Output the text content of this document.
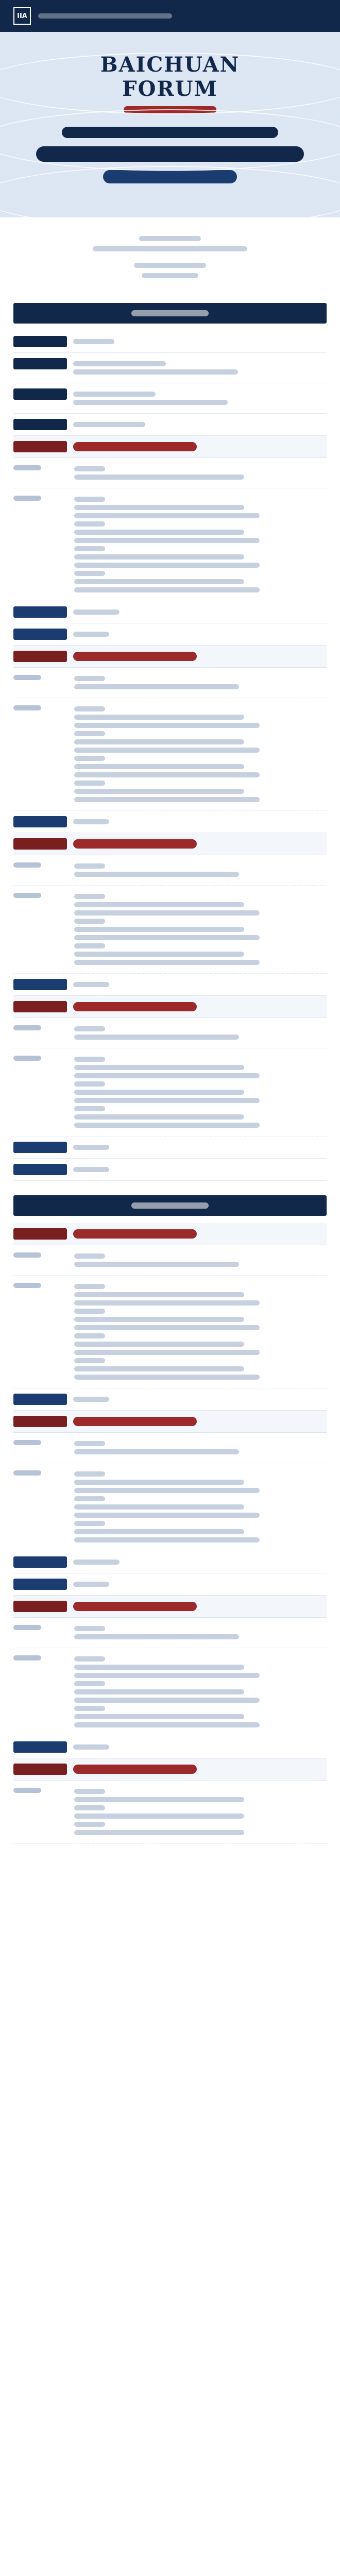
IIA
BAICHUAN
FORUM
